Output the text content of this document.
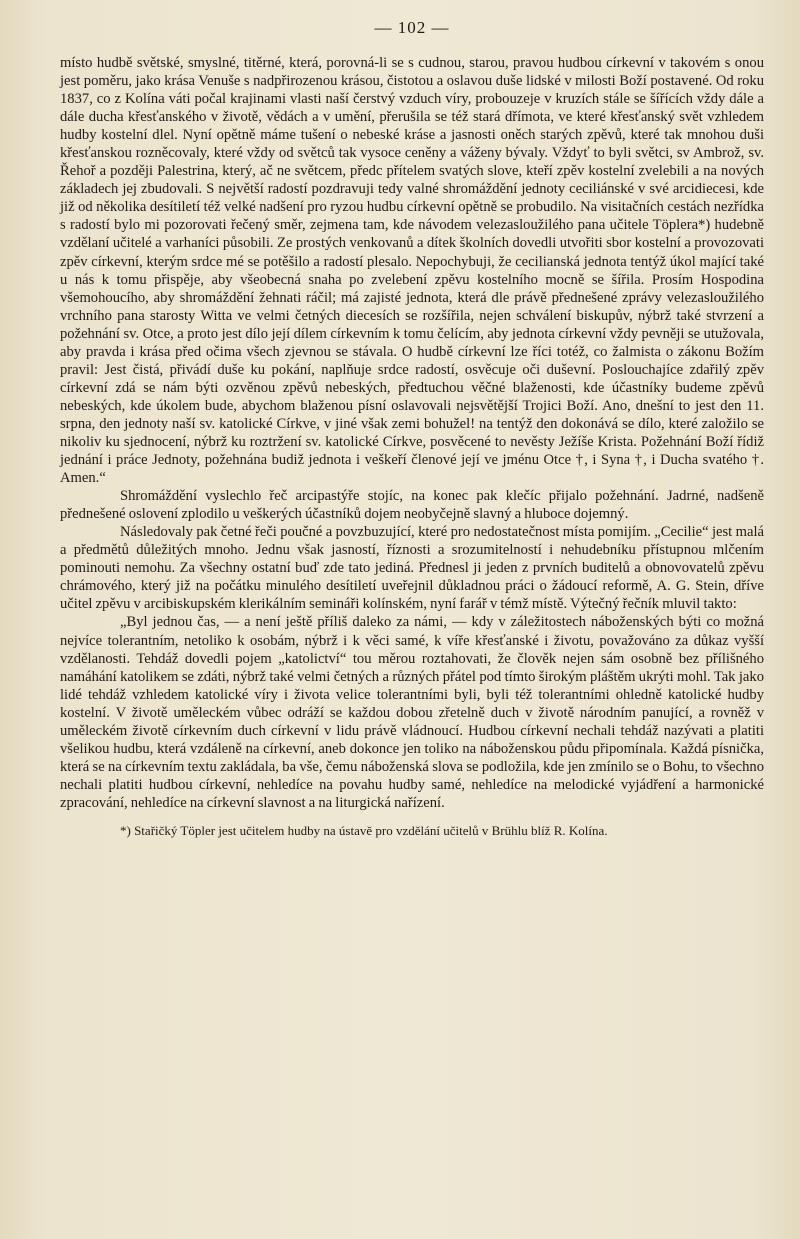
— 102 —

místo hudbě světské, smyslné, titěrné, která, porovná-li se s cudnou, starou, pravou hudbou církevní v takovém s onou jest poměru, jako krása Venuše s nadpřirozenou krásou, čistotou a oslavou duše lidské v milosti Boží postavené. Od roku 1837, co z Kolína váti počal krajinami vlasti naší čerstvý vzduch víry, probouzeje v kruzích stále se šířících vždy dále a dále ducha křesťanského v životě, vědách a v umění, přerušila se též stará dřímota, ve které křesťanský svět vzhledem hudby kostelní dlel. Nyní opětně máme tušení o nebeské kráse a jasnosti oněch starých zpěvů, které tak mnohou duši křesťanskou rozněcovaly, které vždy od světců tak vysoce ceněny a váženy bývaly. Vždyť to byli světci, sv Ambrož, sv. Řehoř a později Palestrina, který, ač ne světcem, předc přítelem svatých slove, kteří zpěv kostelní zvelebili a na nových základech jej zbudovali. S největší radostí pozdravuji tedy valné shromáždění jednoty ceciliánské v své arcidiecesi, kde již od několika desítiletí též velké nadšení pro ryzou hudbu církevní opětně se probudilo. Na visitačních cestách nezřídka s radostí bylo mi pozorovati řečený směr, zejmena tam, kde návodem velezasloužilého pana učitele Töplera*) hudebně vzdělaní učitelé a varhaníci působili. Ze prostých venkovanů a dítek školních dovedli utvořiti sbor kostelní a provozovati zpěv církevní, kterým srdce mé se potěšilo a radostí plesalo. Nepochybuji, že cecilianská jednota tentýž úkol mající také u nás k tomu přispěje, aby všeobecná snaha po zvelebení zpěvu kostelního mocně se šířila. Prosím Hospodina všemohoucího, aby shromáždění žehnati ráčil; má zajisté jednota, která dle právě přednešené zprávy velezasloužilého vrchního pana starosty Witta ve velmi četných diecesích se rozšířila, nejen schválení biskupův, nýbrž také stvrzení a požehnání sv. Otce, a proto jest dílo její dílem církevním k tomu čelícím, aby jednota církevní vždy pevněji se utužovala, aby pravda i krása před očima všech zjevnou se stávala. O hudbě církevní lze říci totéž, co žalmista o zákonu Božím pravil: Jest čistá, přivádí duše ku pokání, naplňuje srdce radostí, osvěcuje oči duševní. Poslouchajíce zdařilý zpěv církevní zdá se nám býti ozvěnou zpěvů nebeských, předtuchou věčné blaženosti, kde účastníky budeme zpěvů nebeských, kde úkolem bude, abychom blaženou písní oslavovali nejsvětější Trojici Boží. Ano, dnešní to jest den 11. srpna, den jednoty naší sv. katolické Církve, v jiné však zemi bohužel! na tentýž den dokonává se dílo, které založilo se nikoliv ku sjednocení, nýbrž ku roztržení sv. katolické Církve, posvěcené to nevěsty Ježíše Krista. Požehnání Boží řídiž jednání i práce Jednoty, požehnána budiž jednota i veškeří členové její ve jménu Otce †, i Syna †, i Ducha svatého †. Amen.“

Shromáždění vyslechlo řeč arcipastýře stojíc, na konec pak klečíc přijalo požehnání. Jadrné, nadšeně přednešené oslovení zplodilo u veškerých účastníků dojem neobyčejně slavný a hluboce dojemný.

Následovaly pak četné řeči poučné a povzbuzující, které pro nedostatečnost místa pomijím. „Cecilie“ jest malá a předmětů důležitých mnoho. Jednu však jasností, říznosti a srozumitelností i nehudebníku přístupnou mlčením pominouti nemohu. Za všechny ostatní buď zde tato jediná. Přednesl ji jeden z prvních buditelů a obnovovatelů zpěvu chrámového, který již na počátku minulého desítiletí uveřejnil důkladnou práci o žádoucí reformě, A. G. Stein, dříve učitel zpěvu v arcibiskupském klerikálním semináři kolínském, nyní farář v témž místě. Výtečný řečník mluvil takto:

„Byl jednou čas, — a není ještě příliš daleko za námi, — kdy v záležitostech náboženských býti co možná nejvíce tolerantním, netoliko k osobám, nýbrž i k věci samé, k víře křesťanské i životu, považováno za důkaz vyšší vzdělanosti. Tehdáž dovedli pojem „katolictví“ tou měrou roztahovati, že člověk nejen sám osobně bez přílišného namáhání katolikem se zdáti, nýbrž také velmi četných a různých přátel pod tímto širokým pláštěm ukrýti mohl. Tak jako lidé tehdáž vzhledem katolické víry i života velice tolerantními byli, byli též tolerantními ohledně katolické hudby kostelní. V životě uměleckém vůbec odráží se každou dobou zřetelně duch v životě národním panující, a rovněž v uměleckém životě církevním duch církevní v lidu právě vládnoucí. Hudbou církevní nechali tehdáž nazývati a platiti všelikou hudbu, která vzdáleně na církevní, aneb dokonce jen toliko na náboženskou půdu připomínala. Každá písnička, která se na církevním textu zakládala, ba vše, čemu náboženská slova se podložila, kde jen zmínilo se o Bohu, to všechno nechali platiti hudbou církevní, nehledíce na povahu hudby samé, nehledíce na melodické vyjádření a harmonické zpracování, nehledíce na církevní slavnost a na liturgická nařízení.

*) Stařičký Töpler jest učitelem hudby na ústavě pro vzdělání učitelů v Brühlu blíž R. Kolína.
